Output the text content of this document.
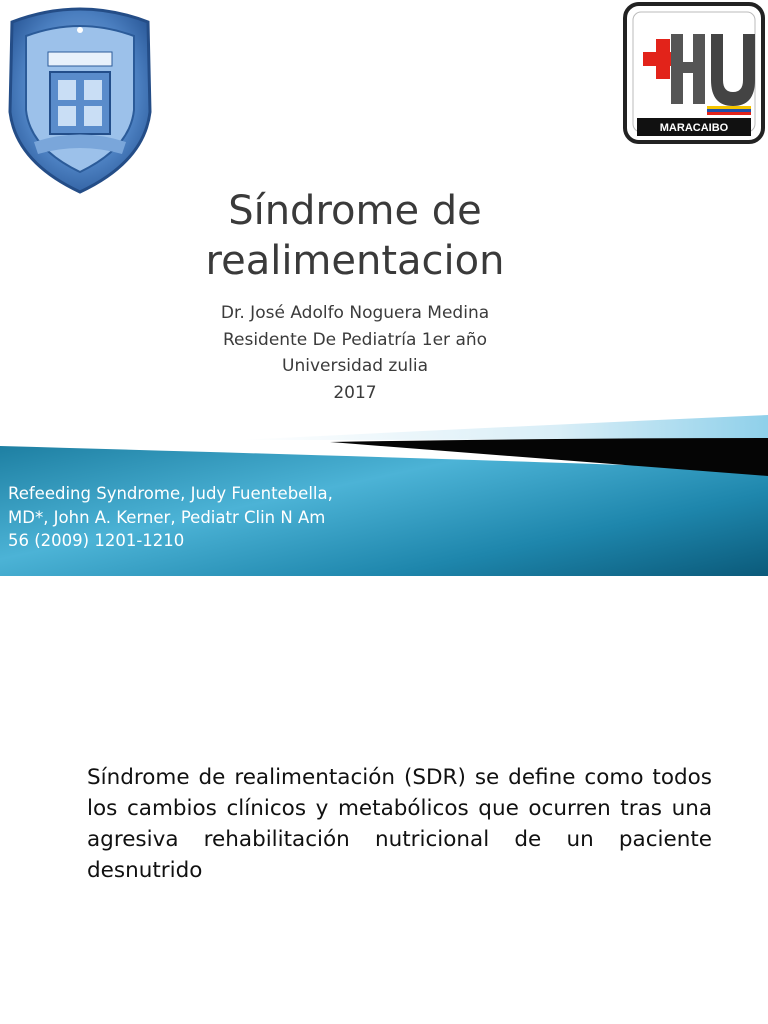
MARACAIBO
Síndrome de
realimentacion
Dr. José Adolfo Noguera Medina
Residente De Pediatría 1er año
Universidad zulia
2017
Refeeding Syndrome, Judy Fuentebella,
MD*, John A. Kerner, Pediatr Clin N Am
56 (2009) 1201-1210
Síndrome de realimentación (SDR) se define como todos los cambios clínicos y metabólicos que ocurren tras una agresiva rehabilitación nutricional de un paciente desnutrido
